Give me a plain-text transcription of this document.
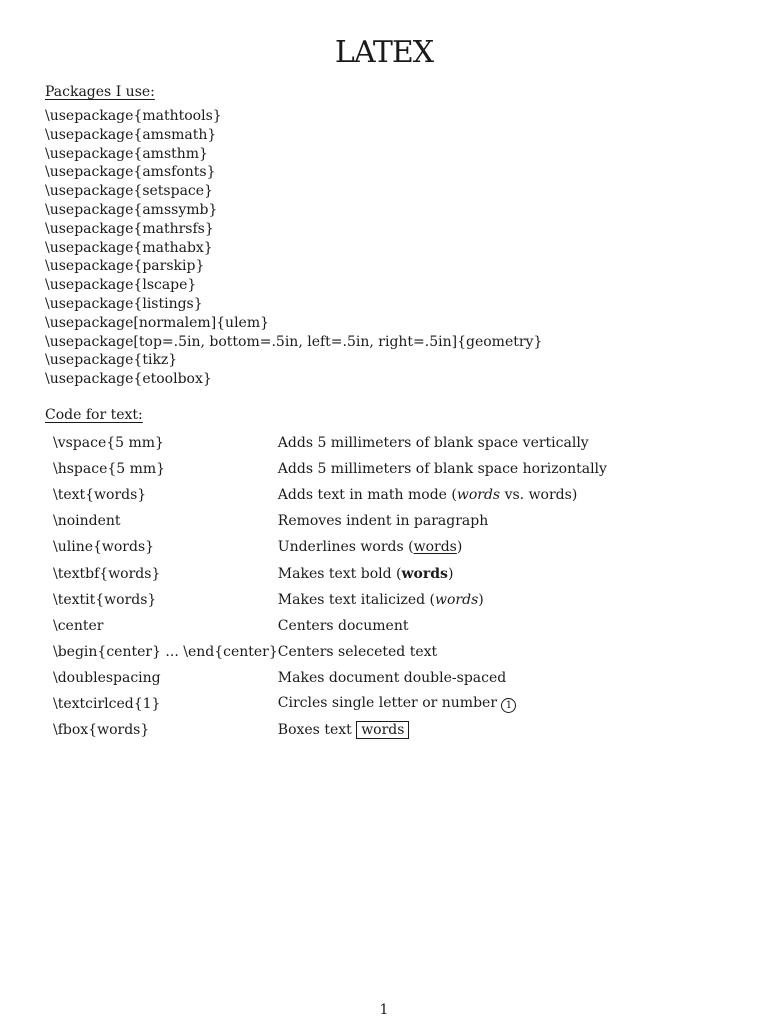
LATEX
Packages I use:
\usepackage{mathtools}
\usepackage{amsmath}
\usepackage{amsthm}
\usepackage{amsfonts}
\usepackage{setspace}
\usepackage{amssymb}
\usepackage{mathrsfs}
\usepackage{mathabx}
\usepackage{parskip}
\usepackage{lscape}
\usepackage{listings}
\usepackage[normalem]{ulem}
\usepackage[top=.5in, bottom=.5in, left=.5in, right=.5in]{geometry}
\usepackage{tikz}
\usepackage{etoolbox}
Code for text:
\vspace{5 mm}	Adds 5 millimeters of blank space vertically
\hspace{5 mm}	Adds 5 millimeters of blank space horizontally
\text{words}	Adds text in math mode (words vs. words)
\noindent	Removes indent in paragraph
\uline{words}	Underlines words (words)
\textbf{words}	Makes text bold (words)
\textit{words}	Makes text italicized (words)
\center	Centers document
\begin{center} ... \end{center}	Centers seleceted text
\doublespacing	Makes document double-spaced
\textcirlced{1}	Circles single letter or number 1
\fbox{words}	Boxes text words
1
